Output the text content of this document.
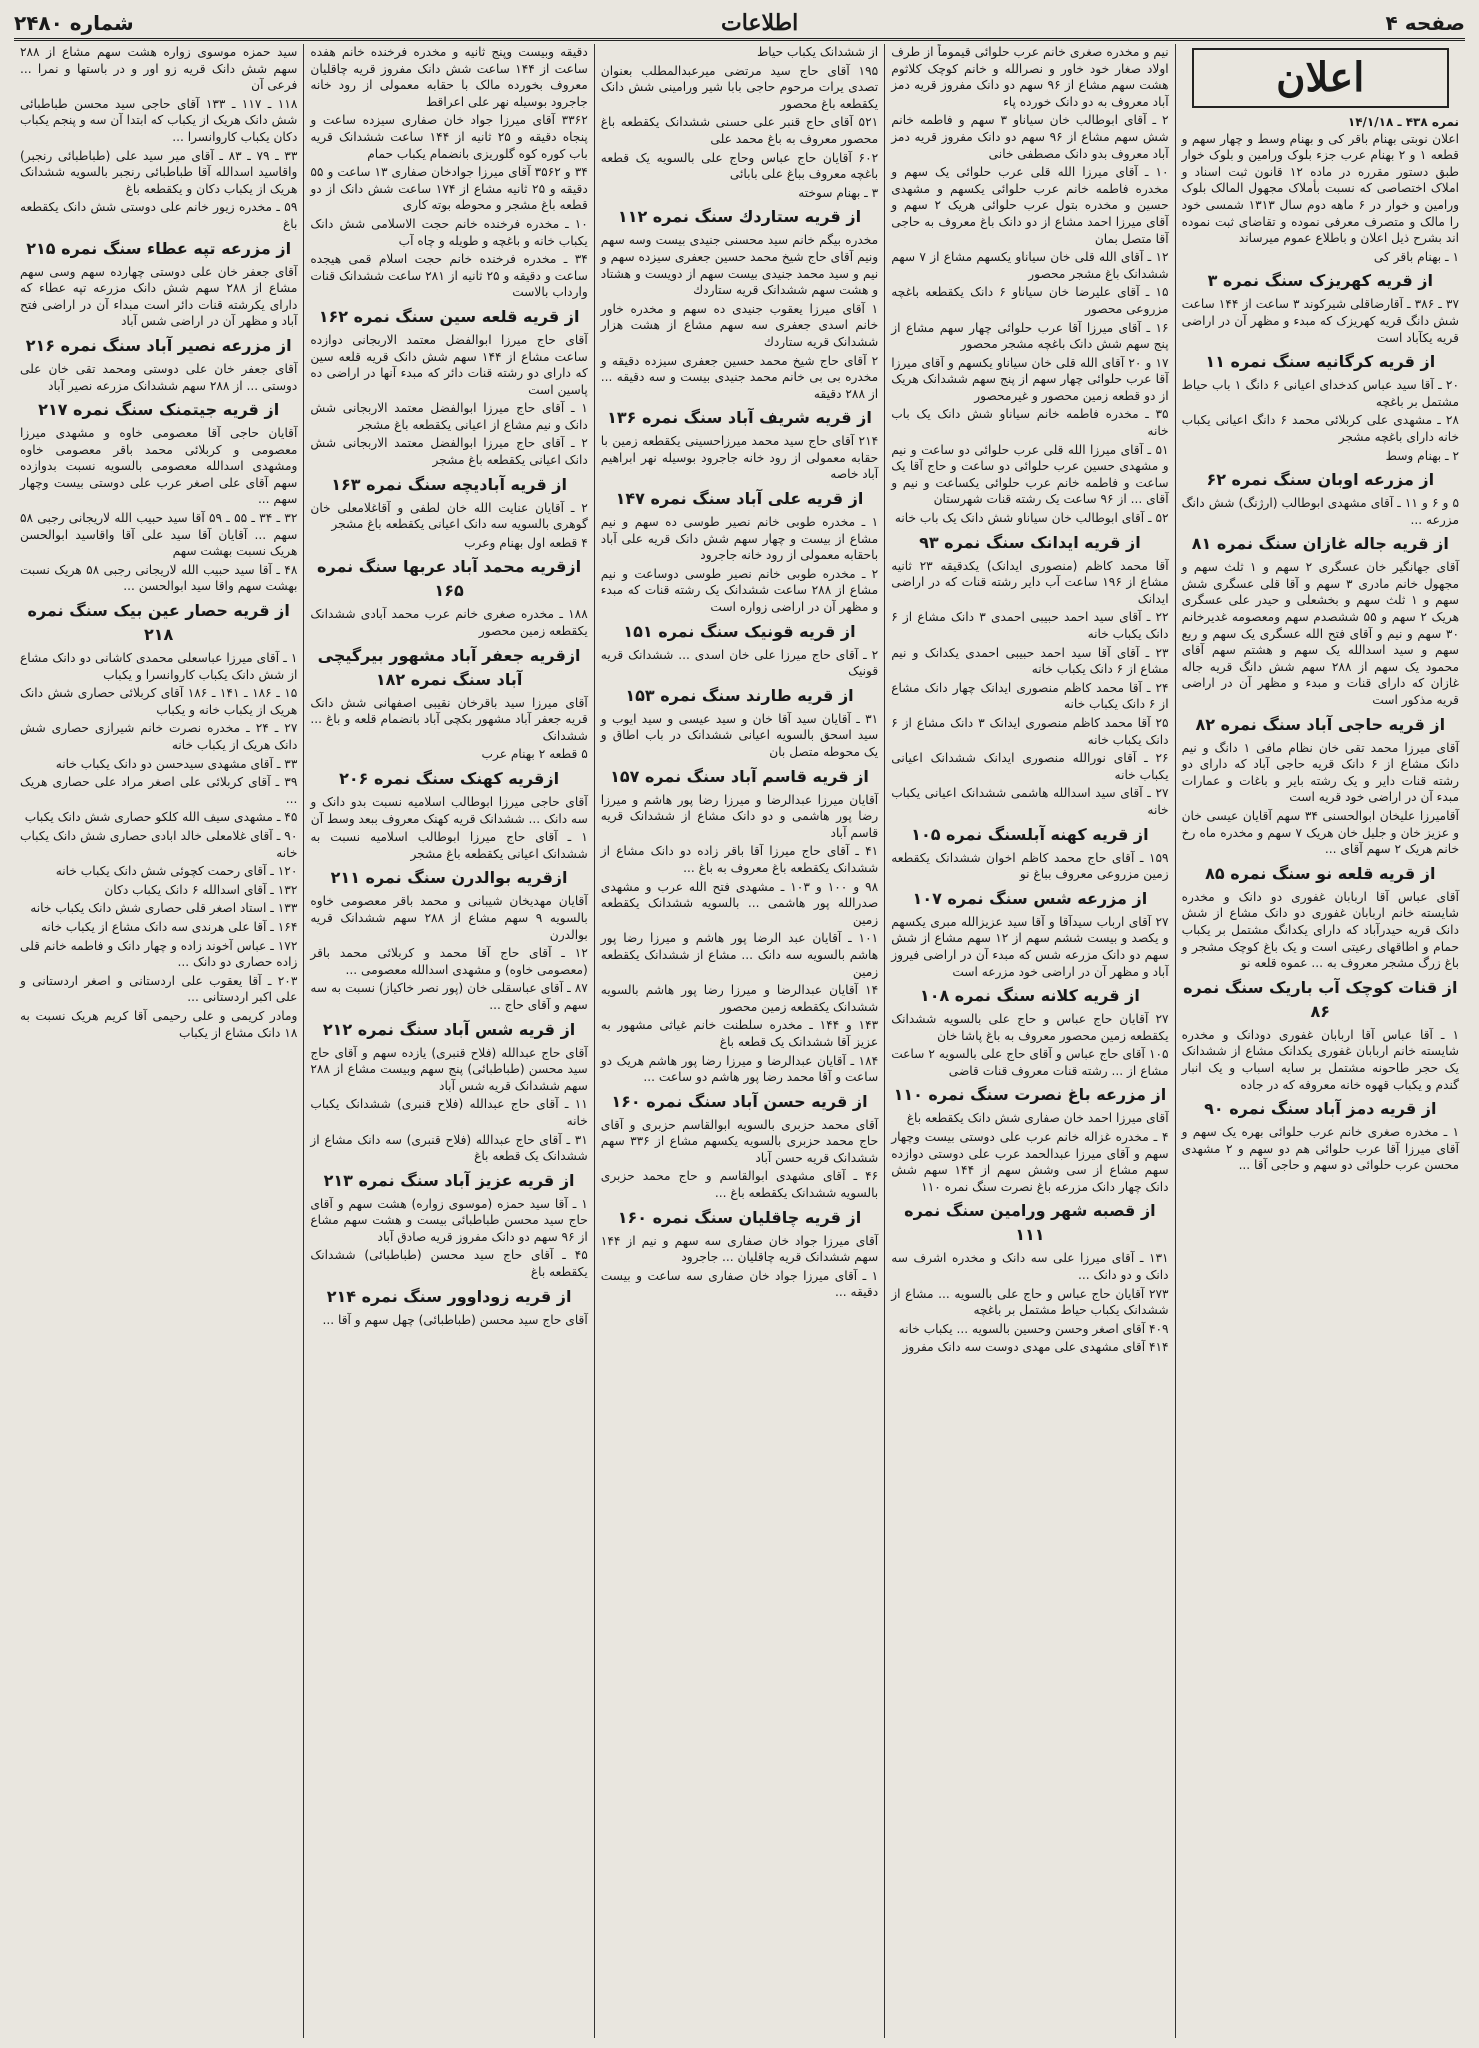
صفحه ۴
اطلاعات
شماره ۲۴۸۰
اعلان
نمره ۴۳۸ ـ ۱۴/۱/۱۸
اعلان نوبتی بهنام باقر کی و بهنام وسط و چهار سهم و قطعه ۱ و ۲ بهنام عرب جزء بلوک ورامین و بلوک خوار طبق دستور مقرره در ماده ۱۲ قانون ثبت اسناد و املاک اختصاصی که نسبت بأملاک مجهول المالک بلوک ورامین و خوار در ۶ ماهه دوم سال ۱۳۱۳ شمسی خود را مالک و متصرف معرفی نموده و تقاضای ثبت نموده اند بشرح ذیل اعلان و باطلاع عموم میرساند
۱ ـ بهنام باقر کی
از قریه کهریزک سنگ نمره ۳
۳۷ ـ ۳۸۶ ـ آقارضاقلی شیرکوند ۳ ساعت از ۱۴۴ ساعت شش دانگ قریه کهریزک که مبدء و مظهر آن در اراضی قریه یکآباد است
از قریه کرگانیه سنگ نمره ۱۱
۲۰ ـ آقا سید عباس کدخدای اعیانی ۶ دانگ ۱ باب حیاط مشتمل بر باغچه
۲۸ ـ مشهدی علی کربلائی محمد ۶ دانگ اعیانی یکباب خانه دارای باغچه مشجر
۲ ـ بهنام وسط
از مزرعه اوبان سنگ نمره ۶۲
۵ و ۶ و ۱۱ ـ آقای مشهدی ابوطالب (ارژنگ) شش دانگ مزرعه ...
از قریه جاله غازان سنگ نمره ۸۱
آقای جهانگیر خان عسگری ۲ سهم و ۱ ثلث سهم و مجهول خانم مادری ۳ سهم و آقا قلی عسگری شش سهم و ۱ ثلث سهم و بخشعلی و حیدر علی عسگری هریک ۲ سهم و ۵۵ ششصدم سهم ومعصومه غدیرخانم ۳۰ سهم و نیم و آقای فتح الله عسگری یک سهم و ربع سهم و سید اسدالله یک سهم و هشتم سهم آقای محمود یک سهم از ۲۸۸ سهم شش دانگ قریه جاله غازان که دارای قنات و مبدء و مظهر آن در اراضی قریه مذکور است
از قریه حاجی آباد سنگ نمره ۸۲
آقای میرزا محمد تقی خان نظام مافی ۱ دانگ و نیم دانک مشاع از ۶ دانک قریه حاجی آباد که دارای دو رشته قنات دایر و یک رشته بایر و باغات و عمارات مبدء آن در اراضی خود قریه است
آقامیرزا علیخان ابوالحسنی ۳۴ سهم آقایان عیسی خان و عزیز خان و جلیل خان هریک ۷ سهم و مخدره ماه رخ خانم هریک ۲ سهم آقای ...
از قریه قلعه نو سنگ نمره ۸۵
آقای عباس آقا اربابان غفوری دو دانک و مخدره شایسته خانم اربابان غفوری دو دانک مشاع از شش دانک قریه حیدرآباد که دارای یکدانگ مشتمل بر یکباب حمام و اطاقهای رعیتی است و یک باغ کوچک مشجر و باغ زرگ مشجر معروف به ... عموه قلعه نو
از قنات کوچک آب باریک سنگ نمره ۸۶
۱ ـ آقا عباس آقا اربابان غفوری دودانک و مخدره شایسته خانم اربابان غفوری یکدانک مشاع از ششدانک یک حجر طاحونه مشتمل بر سایه اسباب و یک انبار گندم و یکباب قهوه خانه معروفه که در جاده
از قریه دمز آباد سنگ نمره ۹۰
۱ ـ مخدره صغری خانم عرب حلوائی بهره یک سهم و آقای میرزا آقا عرب حلوائی هم دو سهم و ۲ مشهدی محسن عرب حلوائی دو سهم و حاجی آقا ...
نیم و مخدره صغری خانم عرب حلوائی قیموماً از طرف اولاد صغار خود خاور و نصرالله و خانم کوچک کلاثوم هشت سهم مشاع از ۹۶ سهم دو دانک مفروز قریه دمز آباد معروف به دو دانک خورده پاء
۲ ـ آقای ابوطالب خان سیاناو ۳ سهم و فاطمه خانم شش سهم مشاع از ۹۶ سهم دو دانک مفروز قریه دمز آباد معروف بدو دانک مصطفی خانی
۱۰ ـ آقای میرزا الله قلی عرب حلوائی یک سهم و مخدره فاطمه خانم عرب حلوائی یکسهم و مشهدی حسین و مخدره بتول عرب حلوائی هریک ۲ سهم و آقای میرزا احمد مشاع از دو دانک باغ معروف به حاجی آقا متصل بمان
۱۲ ـ آقای الله قلی خان سیاناو یکسهم مشاع از ۷ سهم ششدانک باغ مشجر محصور
۱۵ ـ آقای علیرضا خان سیاناو ۶ دانک یکقطعه باغچه مزروعی محصور
۱۶ ـ آقای میرزا آقا عرب حلوائی چهار سهم مشاع از پنج سهم شش دانک باغچه مشجر محصور
۱۷ و ۲۰ آقای الله قلی خان سیاناو یکسهم و آقای میرزا آقا عرب حلوائی چهار سهم از پنج سهم ششدانک هریک از دو قطعه زمین محصور و غیرمحصور
۳۵ ـ مخدره فاطمه خانم سیاناو شش دانک یک باب خانه
۵۱ ـ آقای میرزا الله قلی عرب حلوائی دو ساعت و نیم و مشهدی حسین عرب حلوائی دو ساعت و حاج آقا یک ساعت و فاطمه خانم عرب حلوائی یکساعت و نیم و آقای ... از ۹۶ ساعت یک رشته قنات شهرستان
۵۲ ـ آقای ابوطالب خان سیاناو شش دانک یک باب خانه
از قریه ایدانک سنگ نمره ۹۳
آقا محمد کاظم (منصوری ایدانک) یکدقیقه ۲۳ ثانیه مشاع از ۱۹۶ ساعت آب دایر رشته قنات که در اراضی ایدانک
۲۲ ـ آقای سید احمد حبیبی احمدی ۳ دانک مشاع از ۶ دانک یکباب خانه
۲۳ ـ آقای آقا سید احمد حبیبی احمدی یکدانک و نیم مشاع از ۶ دانک یکباب خانه
۲۴ ـ آقا محمد کاظم منصوری ایدانک چهار دانک مشاع از ۶ دانک یکباب خانه
۲۵ آقا محمد کاظم منصوری ایدانک ۳ دانک مشاع از ۶ دانک یکباب خانه
۲۶ ـ آقای نورالله منصوری ایدانک ششدانک اعیانی یکباب خانه
۲۷ ـ آقای سید اسدالله هاشمی ششدانک اعیانی یکباب خانه
از قریه کهنه آبلسنگ نمره ۱۰۵
۱۵۹ ـ آقای حاج محمد کاظم اخوان ششدانک یکقطعه زمین مزروعی معروف بباغ نو
از مزرعه شس سنگ نمره ۱۰۷
۲۷ آقای ارباب سیدآقا و آقا سید عزیزالله مبری یکسهم و یکصد و بیست ششم سهم از ۱۲ سهم مشاع از شش سهم دو دانک مزرعه شس که مبدء آن در اراضی فیروز آباد و مظهر آن در اراضی خود مزرعه است
از قریه کلانه سنگ نمره ۱۰۸
۲۷ آقایان حاج عباس و حاج علی بالسویه ششدانک یکقطعه زمین محصور معروف به باغ پاشا خان
۱۰۵ آقای حاج عباس و آقای حاج علی بالسویه ۲ ساعت مشاع از ... رشته قنات معروف قنات قاضی
از مزرعه باغ نصرت سنگ نمره ۱۱۰
آقای میرزا احمد خان صفاری شش دانک یکقطعه باغ
۴ ـ مخدره غزاله خانم عرب علی دوستی بیست وچهار سهم و آقای میرزا عبدالحمد عرب علی دوستی دوازده سهم مشاع از سی وشش سهم از ۱۴۴ سهم شش دانک چهار دانک مزرعه باغ نصرت سنگ نمره ۱۱۰
از قصبه شهر ورامین سنگ نمره ۱۱۱
۱۳۱ ـ آقای میرزا علی سه دانک و مخدره اشرف سه دانک و دو دانک ...
۲۷۳ آقایان حاج عباس و حاج علی بالسویه ... مشاع از ششدانک یکباب حیاط مشتمل بر باغچه
۴۰۹ آقای اصغر وحسن وحسین بالسویه ... یکباب خانه
۴۱۴ آقای مشهدی علی مهدی دوست سه دانک مفروز
از ششدانک یکباب حیاط
۱۹۵ آقای حاج سید مرتضی میرعبدالمطلب بعنوان تصدی یرات مرحوم حاجی بابا شیر ورامینی شش دانک یکقطعه باغ محصور
۵۲۱ آقای حاج قنبر علی حسنی ششدانک یکقطعه باغ محصور معروف به باغ محمد علی
۶۰۲ آقایان حاج عباس وحاج علی بالسویه یک قطعه باغچه معروف بباغ علی بابائی
۳ ـ بهنام سوخته
از قریه ستاردك سنگ نمره ۱۱۲
مخدره بیگم خانم سید محسنی جنیدی بیست وسه سهم ونیم آقای حاج شیخ محمد حسین جعفری سیزده سهم و نیم و سید محمد جنیدی بیست سهم از دویست و هشتاد و هشت سهم ششدانک قریه ستاردك
۱ آقای میرزا یعقوب جنیدی ده سهم و مخدره خاور خانم اسدی جعفری سه سهم مشاع از هشت هزار ششدانک قریه ستاردك
۲ آقای حاج شیخ محمد حسین جعفری سیزده دقیقه و مخدره بی بی خانم محمد جنیدی بیست و سه دقیقه ... از ۲۸۸ دقیقه
از قریه شریف آباد سنگ نمره ۱۳۶
۲۱۴ آقای حاج سید محمد میرزاحسینی یکقطعه زمین با حقابه معمولی از رود خانه جاجرود بوسیله نهر ابراهیم آباد خاصه
از قریه علی آباد سنگ نمره ۱۴۷
۱ ـ مخدره طوبی خانم نصیر طوسی ده سهم و نیم مشاع از بیست و چهار سهم شش دانک قریه علی آباد باحقابه معمولی از رود خانه جاجرود
۲ ـ مخدره طوبی خانم نصیر طوسی دوساعت و نیم مشاع از ۲۸۸ ساعت ششدانک یک رشته قنات که مبدء و مظهر آن در اراضی زواره است
از قریه قونیک سنگ نمره ۱۵۱
۲ ـ آقای حاج میرزا علی خان اسدی ... ششدانک قریه قونیک
از قریه طارند سنگ نمره ۱۵۳
۳۱ ـ آقایان سید آقا خان و سید عیسی و سید ایوب و سید اسحق بالسویه اعیانی ششدانک در باب اطاق و یک محوطه متصل بان
از قریه قاسم آباد سنگ نمره ۱۵۷
آقایان میرزا عبدالرضا و میرزا رضا پور هاشم و میرزا رضا پور هاشمی و دو دانک مشاع از ششدانک قریه قاسم آباد
۴۱ ـ آقای حاج میرزا آقا باقر زاده دو دانک مشاع از ششدانک یکقطعه باغ معروف به باغ ...
۹۸ و ۱۰۰ و ۱۰۳ ـ مشهدی فتح الله عرب و مشهدی صدرالله پور هاشمی ... بالسویه ششدانک یکقطعه زمین
۱۰۱ ـ آقایان عبد الرضا پور هاشم و میرزا رضا پور هاشم بالسویه سه دانک ... مشاع از ششدانک یکقطعه زمین
۱۴ آقایان عبدالرضا و میرزا رضا پور هاشم بالسویه ششدانک یکقطعه زمین محصور
۱۴۳ و ۱۴۴ ـ مخدره سلطنت خانم غیاثی مشهور به عزیز آقا ششدانک یک قطعه باغ
۱۸۴ ـ آقایان عبدالرضا و میرزا رضا پور هاشم هریک دو ساعت و آقا محمد رضا پور هاشم دو ساعت ...
از قریه حسن آباد سنگ نمره ۱۶۰
آقای محمد حزبری بالسویه ابوالقاسم حزبری و آقای حاج محمد حزبری بالسویه یکسهم مشاع از ۳۳۶ سهم ششدانک قریه حسن آباد
۴۶ ـ آقای مشهدی ابوالقاسم و حاج محمد حزبری بالسویه ششدانک یکقطعه باغ ...
از قریه چاقلیان سنگ نمره ۱۶۰
آقای میرزا جواد خان صفاری سه سهم و نیم از ۱۴۴ سهم ششدانک قریه چاقلیان ... جاجرود
۱ ـ آقای میرزا جواد خان صفاری سه ساعت و بیست دقیقه ...
دقیقه وبیست وپنج ثانیه و مخدره فرخنده خانم هفده ساعت از ۱۴۴ ساعت شش دانک مفروز قریه چاقلیان معروف بخورده مالک با حقابه معمولی از رود خانه جاجرود بوسیله نهر علی اعراقط
۳۳۶۲ آقای میرزا جواد خان صفاری سیزده ساعت و پنجاه دقیقه و ۲۵ ثانیه از ۱۴۴ ساعت ششدانک قریه باب کوره کوه گلوریزی بانضمام یکباب حمام
۳۴ و ۳۵۶۲ آقای میرزا جوادخان صفاری ۱۳ ساعت و ۵۵ دقیقه و ۲۵ ثانیه مشاع از ۱۷۴ ساعت شش دانک از دو قطعه باغ مشجر و محوطه بوته کاری
۱۰ ـ مخدره فرخنده خانم حجت الاسلامی شش دانک یکباب خانه و باغچه و طویله و چاه آب
۳۴ ـ مخدره فرخنده خانم حجت اسلام قمی هیجده ساعت و دقیقه و ۲۵ ثانیه از ۲۸۱ ساعت ششدانک قنات وارداب بالاست
از قریه قلعه سین سنگ نمره ۱۶۲
آقای حاج میرزا ابوالفضل معتمد الاربجانی دوازده ساعت مشاع از ۱۴۴ سهم شش دانک قریه قلعه سین که دارای دو رشته قنات دائر که مبدء آنها در اراضی ده پاسین است
۱ ـ آقای حاج میرزا ابوالفضل معتمد الاربجانی شش دانک و نیم مشاع از اعیانی یکقطعه باغ مشجر
۲ ـ آقای حاج میرزا ابوالفضل معتمد الاربجانی شش دانک اعیانی یکقطعه باغ مشجر
از قریه آبادیچه سنگ نمره ۱۶۳
۲ ـ آقایان عنایت الله خان لطفی و آقاغلامعلی خان گوهری بالسویه سه دانک اعیانی یکقطعه باغ مشجر
۴ قطعه اول بهنام وعرب
ازقریه محمد آباد عربها سنگ نمره ۱۶۵
۱۸۸ ـ مخدره صغری خانم عرب محمد آبادی ششدانک یکقطعه زمین محصور
ازقریه جعفر آباد مشهور بیرگیچی آباد سنگ نمره ۱۸۲
آقای میرزا سید باقرخان نقیبی اصفهانی شش دانک قریه جعفر آباد مشهور بکچی آباد بانضمام قلعه و باغ ... ششدانک
۵ قطعه ۲ بهنام عرب
ازقریه کهنک سنگ نمره ۲۰۶
آقای حاجی میرزا ابوطالب اسلامیه نسبت بدو دانک و سه دانک ... ششدانک قریه کهنک معروف ببعد وسط آن
۱ ـ آقای حاج میرزا ابوطالب اسلامیه نسبت به ششدانک اعیانی یکقطعه باغ مشجر
ازقریه بوالدرن سنگ نمره ۲۱۱
آقایان مهدیخان شیبانی و محمد باقر معصومی خاوه بالسویه ۹ سهم مشاع از ۲۸۸ سهم ششدانک قریه بوالدرن
۱۲ ـ آقای حاج آقا محمد و کربلائی محمد باقر (معصومی خاوه) و مشهدی اسدالله معصومی ...
۸۷ ـ آقای عباسقلی خان (پور نصر خاکیاز) نسبت به سه سهم و آقای حاج ...
از قریه شس آباد سنگ نمره ۲۱۲
آقای حاج عبدالله (فلاح قنبری) یازده سهم و آقای حاج سید محسن (طباطبائی) پنج سهم وبیست مشاع از ۲۸۸ سهم ششدانک قریه شس آباد
۱۱ ـ آقای حاج عبدالله (فلاح قنبری) ششدانک یکباب خانه
۳۱ ـ آقای حاج عبدالله (فلاح قنبری) سه دانک مشاع از ششدانک یک قطعه باغ
از قریه عزیز آباد سنگ نمره ۲۱۳
۱ ـ آقا سید حمزه (موسوی زواره) هشت سهم و آقای حاج سید محسن طباطبائی بیست و هشت سهم مشاع از ۹۶ سهم دو دانک مفروز قریه صادق آباد
۴۵ ـ آقای حاج سید محسن (طباطبائی) ششدانک یکقطعه باغ
از قریه زوداوور سنگ نمره ۲۱۴
آقای حاج سید محسن (طباطبائی) چهل سهم و آقا ...
سید حمزه موسوی زواره هشت سهم مشاع از ۲۸۸ سهم شش دانک قریه زو اور و در باستها و نمرا ... فرعی آن
۱۱۸ ـ ۱۱۷ ـ ۱۳۳ آقای حاجی سید محسن طباطبائی شش دانک هریک از یکباب که ابتدا آن سه و پنجم یکباب دکان یکباب کاروانسرا ...
۳۳ ـ ۷۹ ـ ۸۳ ـ آقای میر سید علی (طباطبائی رنجبر) واقاسید اسدالله آقا طباطبائی رنجبر بالسویه ششدانک هریک از یکباب دکان و یکقطعه باغ
۵۹ ـ مخدره زیور خانم علی دوستی شش دانک یکقطعه باغ
از مزرعه تپه عطاء سنگ نمره ۲۱۵
آقای جعفر خان علی دوستی چهارده سهم وسی سهم مشاع از ۲۸۸ سهم شش دانک مزرعه تپه عطاء که دارای یکرشته قنات دائر است مبداء آن در اراضی فتح آباد و مظهر آن در اراضی شس آباد
از مزرعه نصیر آباد سنگ نمره ۲۱۶
آقای جعفر خان علی دوستی ومحمد تقی خان علی دوستی ... از ۲۸۸ سهم ششدانک مزرعه نصیر آباد
از قریه جیتمنک سنگ نمره ۲۱۷
آقایان حاجی آقا معصومی خاوه و مشهدی میرزا معصومی و کربلائی محمد باقر معصومی خاوه ومشهدی اسدالله معصومی بالسویه نسبت بدوازده سهم آقای علی اصغر عرب علی دوستی بیست وچهار سهم ...
۳۲ ـ ۳۴ ـ ۵۵ ـ ۵۹ آقا سید حبیب الله لاریجانی رجبی ۵۸ سهم ... آقایان آقا سید علی آقا واقاسید ابوالحسن هریک نسبت بهشت سهم
۴۸ ـ آقا سید حبیب الله لاریجانی رجبی ۵۸ هریک نسبت بهشت سهم واقا سید ابوالحسن ...
از قریه حصار عین بیک سنگ نمره ۲۱۸
۱ ـ آقای میرزا عباسعلی محمدی کاشانی دو دانک مشاع از شش دانک یکباب کاروانسرا و یکباب
۱۵ ـ ۱۸۶ ـ ۱۴۱ ـ ۱۸۶ آقای کربلائی حصاری شش دانک هریک از یکباب خانه و یکباب
۲۷ ـ ۲۴ ـ مخدره نصرت خانم شیرازی حصاری شش دانک هریک از یکباب خانه
۳۳ ـ آقای مشهدی سیدحسن دو دانک یکباب خانه
۳۹ ـ آقای کربلائی علی اصغر مراد علی حصاری هریک ...
۴۵ ـ مشهدی سیف الله کلکو حصاری شش دانک یکباب
۹۰ ـ آقای غلامعلی خالد ابادی حصاری شش دانک یکباب خانه
۱۲۰ ـ آقای رحمت کچوئی شش دانک یکباب خانه
۱۳۲ ـ آقای اسدالله ۶ دانک یکباب دکان
۱۳۳ ـ استاد اصغر قلی حصاری شش دانک یکباب خانه
۱۶۴ ـ آقا علی هرندی سه دانک مشاع از یکباب خانه
۱۷۲ ـ عباس آخوند زاده و چهار دانک و فاطمه خانم قلی زاده حصاری دو دانک ...
۲۰۳ ـ آقا یعقوب علی اردستانی و اصغر اردستانی و علی اکبر اردستانی ...
ومادر کریمی و علی رحیمی آقا کریم هریک نسبت به ۱۸ دانک مشاع از یکباب
